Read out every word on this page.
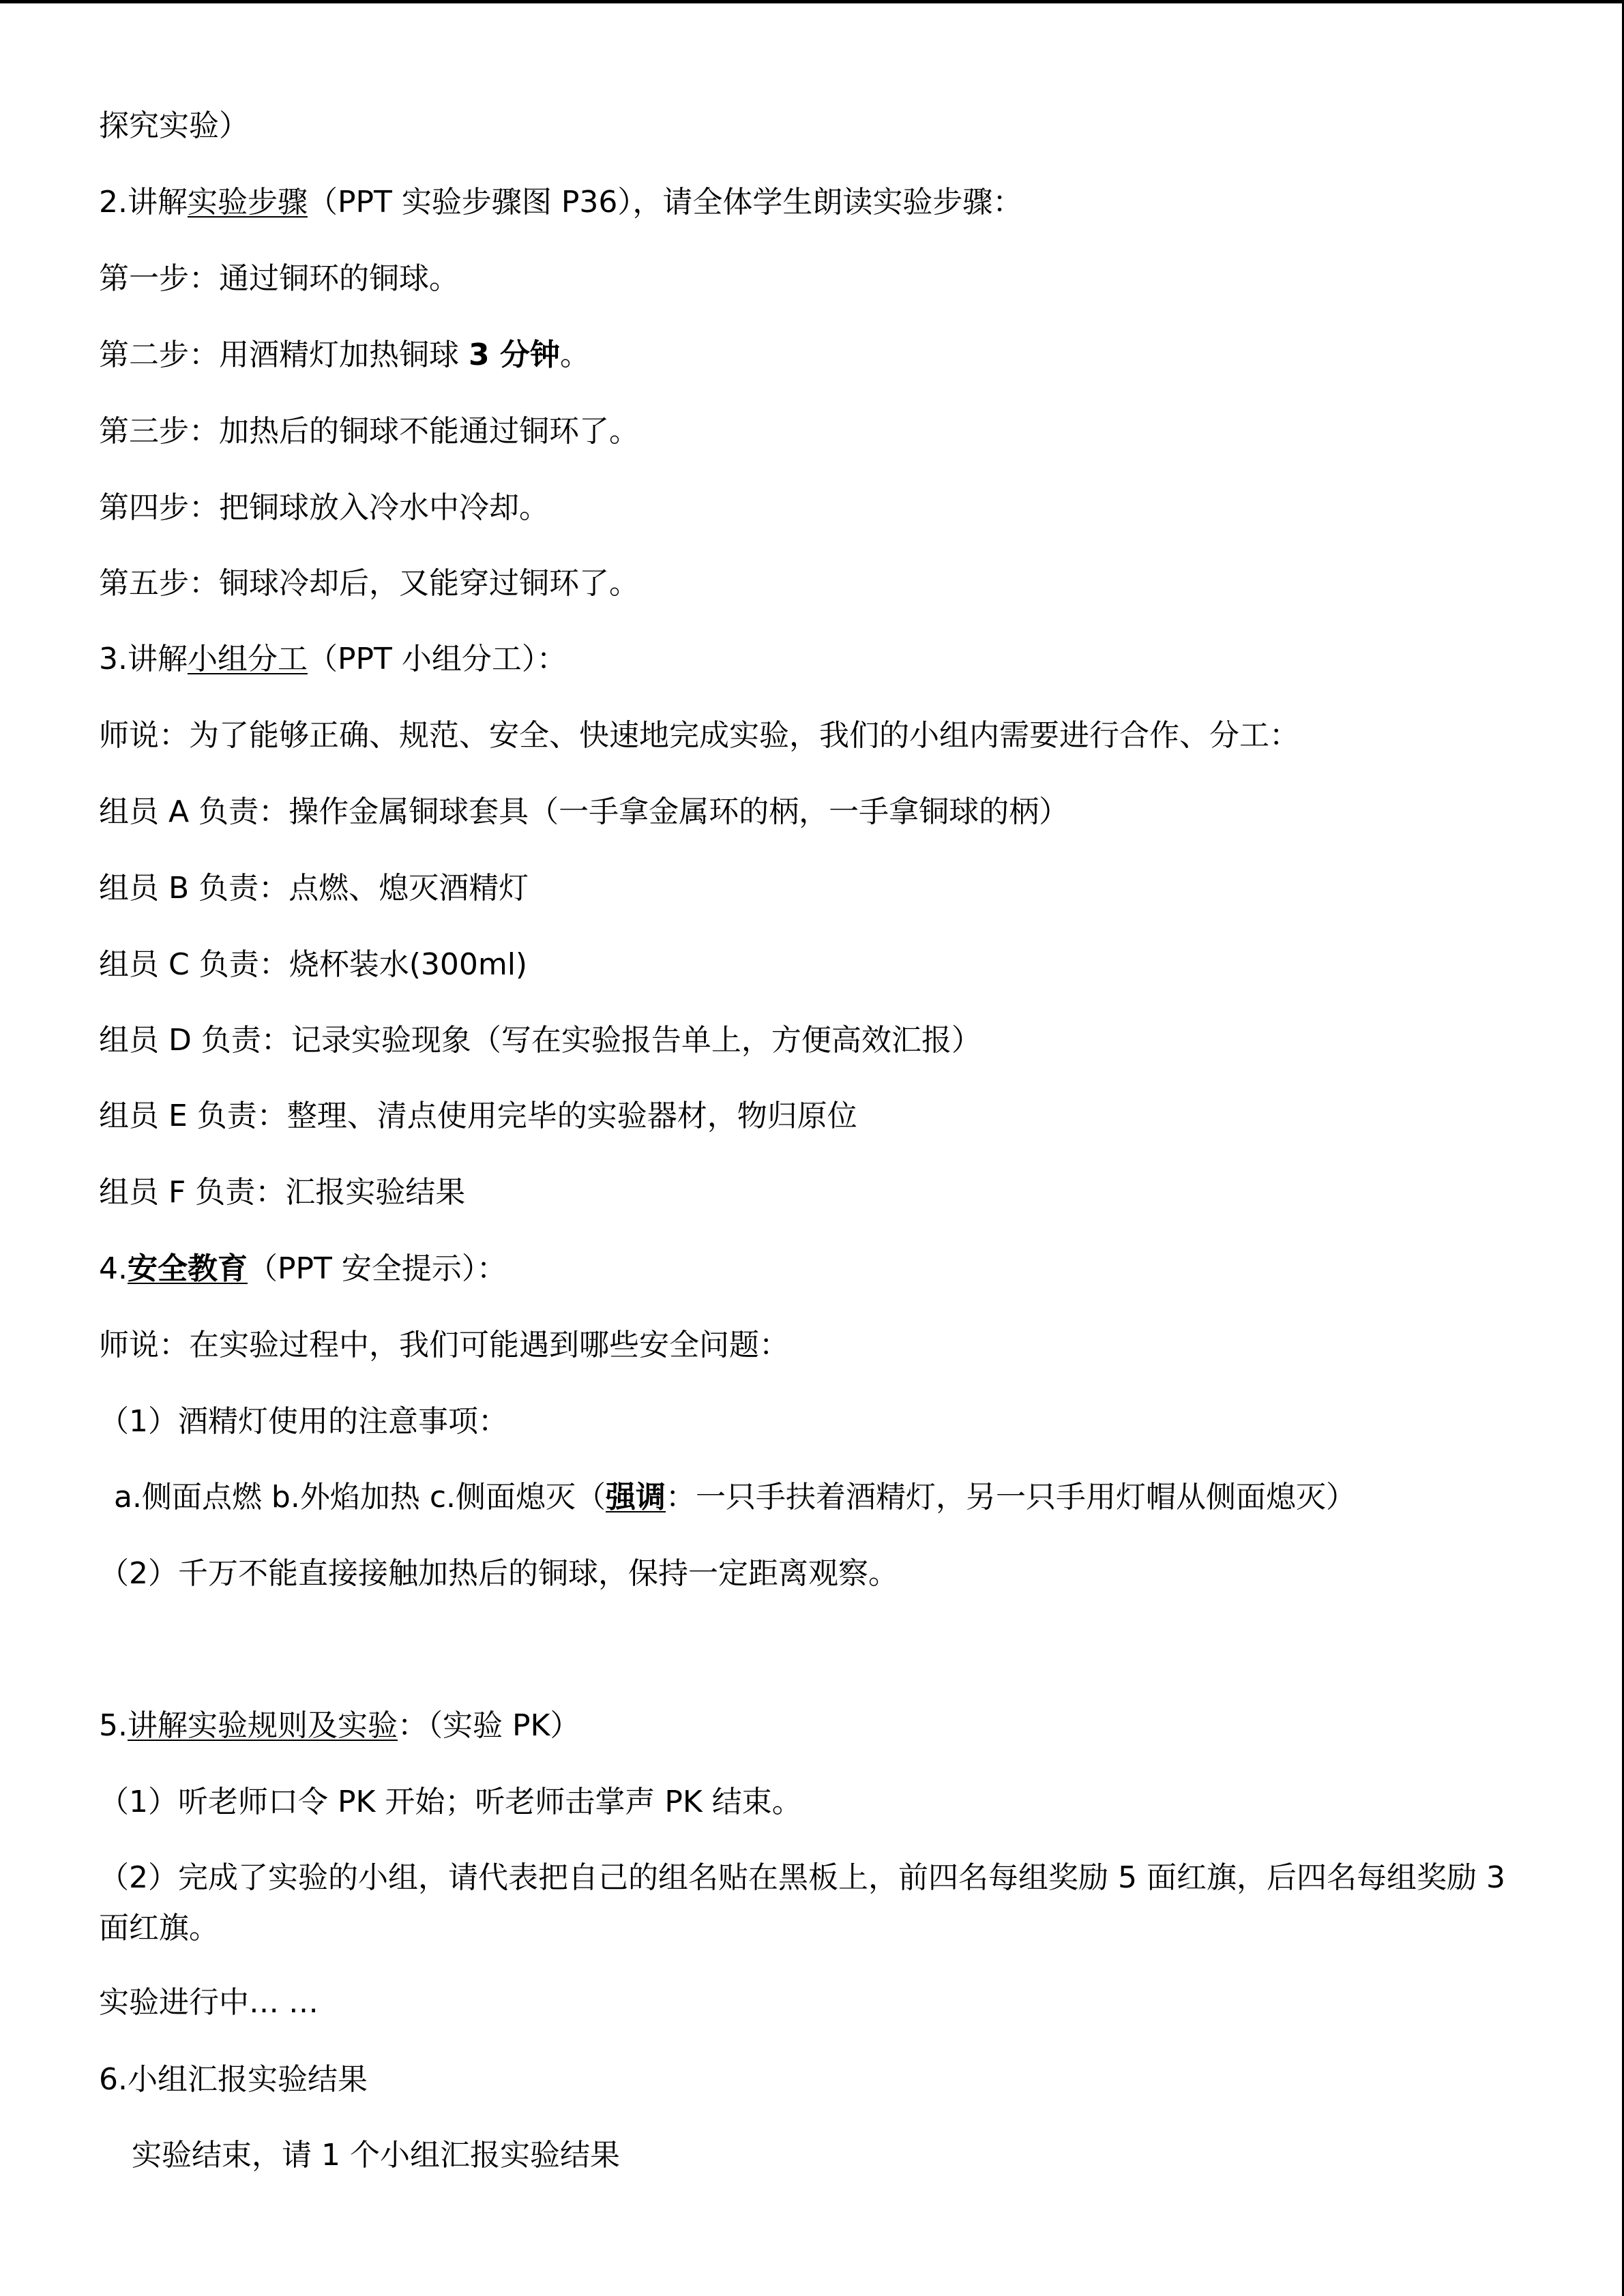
探究实验）
2.讲解实验步骤（PPT 实验步骤图 P36），请全体学生朗读实验步骤：
第一步：通过铜环的铜球。
第二步：用酒精灯加热铜球 3 分钟。
第三步：加热后的铜球不能通过铜环了。
第四步：把铜球放入冷水中冷却。
第五步：铜球冷却后，又能穿过铜环了。
3.讲解小组分工（PPT 小组分工）：
师说：为了能够正确、规范、安全、快速地完成实验，我们的小组内需要进行合作、分工：
组员 A 负责：操作金属铜球套具（一手拿金属环的柄，一手拿铜球的柄）
组员 B 负责：点燃、熄灭酒精灯
组员 C 负责：烧杯装水(300ml)
组员 D 负责：记录实验现象（写在实验报告单上，方便高效汇报）
组员 E 负责：整理、清点使用完毕的实验器材，物归原位
组员 F 负责：汇报实验结果
4.安全教育（PPT 安全提示）：
师说：在实验过程中，我们可能遇到哪些安全问题：
（1）酒精灯使用的注意事项：
a.侧面点燃 b.外焰加热 c.侧面熄灭（强调：一只手扶着酒精灯，另一只手用灯帽从侧面熄灭）
（2）千万不能直接接触加热后的铜球，保持一定距离观察。
5.讲解实验规则及实验：（实验 PK）
（1）听老师口令 PK 开始；听老师击掌声 PK 结束。
（2）完成了实验的小组，请代表把自己的组名贴在黑板上，前四名每组奖励 5 面红旗，后四名每组奖励 3 面红旗。
实验进行中… …
6.小组汇报实验结果
实验结束，请 1 个小组汇报实验结果
